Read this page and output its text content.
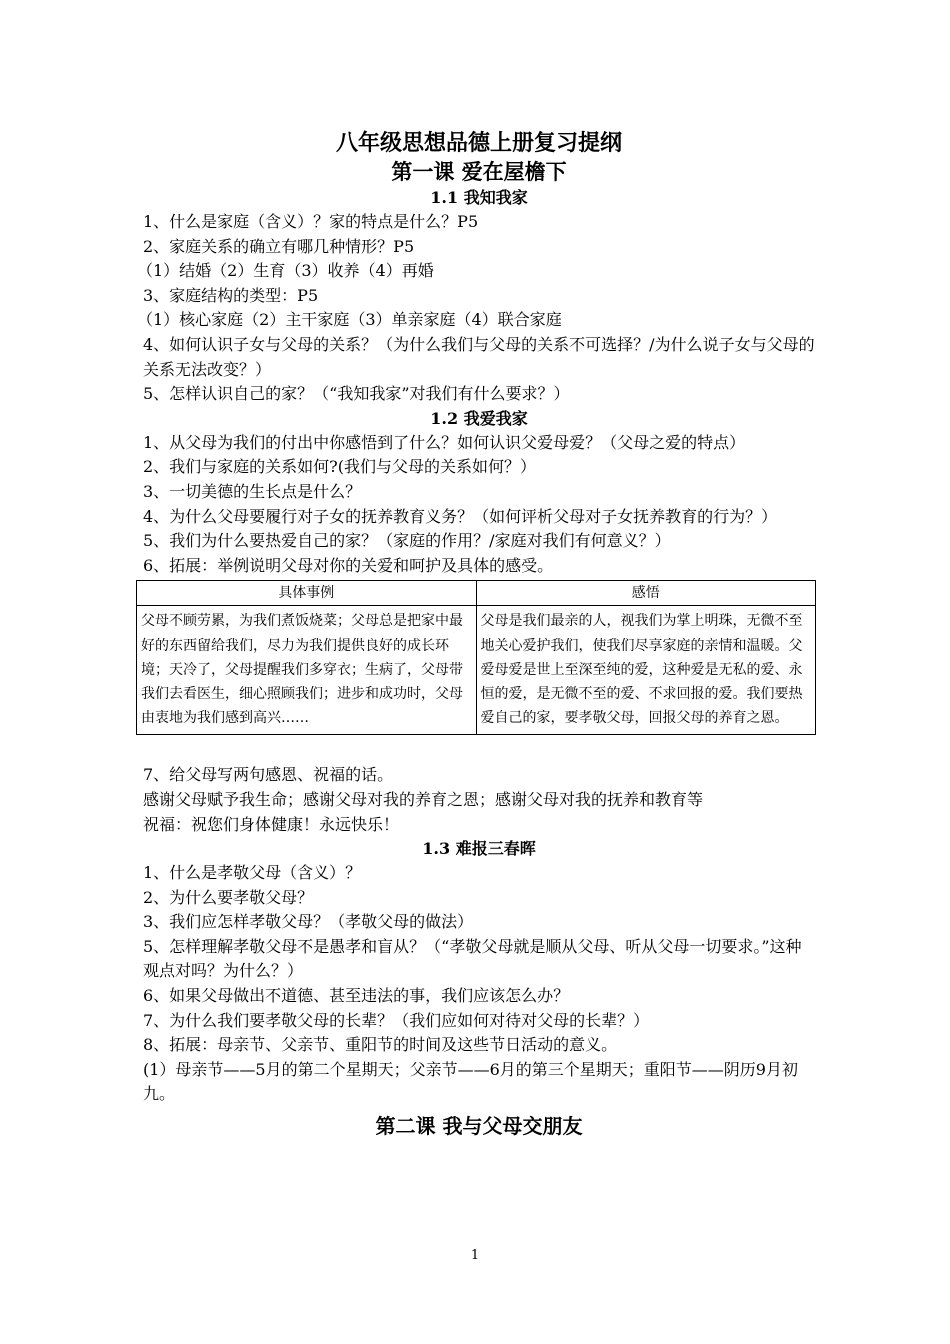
八年级思想品德上册复习提纲
第一课 爱在屋檐下
1.1 我知我家
1、什么是家庭（含义）？家的特点是什么？P5
2、家庭关系的确立有哪几种情形？P5
（1）结婚（2）生育（3）收养（4）再婚
3、家庭结构的类型：P5
（1）核心家庭（2）主干家庭（3）单亲家庭（4）联合家庭
4、如何认识子女与父母的关系？（为什么我们与父母的关系不可选择？/为什么说子女与父母的关系无法改变？）
5、怎样认识自己的家？（“我知我家”对我们有什么要求？）
1.2 我爱我家
1、从父母为我们的付出中你感悟到了什么？如何认识父爱母爱？（父母之爱的特点）
2、我们与家庭的关系如何?(我们与父母的关系如何？）
3、一切美德的生长点是什么？
4、为什么父母要履行对子女的抚养教育义务？（如何评析父母对子女抚养教育的行为？）
5、我们为什么要热爱自己的家？（家庭的作用？/家庭对我们有何意义？）
6、拓展：举例说明父母对你的关爱和呵护及具体的感受。
具体事例	感悟
父母不顾劳累，为我们煮饭烧菜；父母总是把家中最好的东西留给我们，尽力为我们提供良好的成长环境；天冷了，父母提醒我们多穿衣；生病了，父母带我们去看医生，细心照顾我们；进步和成功时，父母由衷地为我们感到高兴……	父母是我们最亲的人，视我们为掌上明珠，无微不至地关心爱护我们，使我们尽享家庭的亲情和温暖。父爱母爱是世上至深至纯的爱，这种爱是无私的爱、永恒的爱，是无微不至的爱、不求回报的爱。我们要热爱自己的家，要孝敬父母，回报父母的养育之恩。
7、给父母写两句感恩、祝福的话。
感谢父母赋予我生命；感谢父母对我的养育之恩；感谢父母对我的抚养和教育等
祝福：祝您们身体健康！永远快乐！
1.3 难报三春晖
1、什么是孝敬父母（含义）？
2、为什么要孝敬父母？
3、我们应怎样孝敬父母？（孝敬父母的做法）
5、怎样理解孝敬父母不是愚孝和盲从？（“孝敬父母就是顺从父母、听从父母一切要求。”这种观点对吗？为什么？）
6、如果父母做出不道德、甚至违法的事，我们应该怎么办？
7、为什么我们要孝敬父母的长辈？（我们应如何对待对父母的长辈？）
8、拓展：母亲节、父亲节、重阳节的时间及这些节日活动的意义。
(1）母亲节——5月的第二个星期天；父亲节——6月的第三个星期天；重阳节——阴历9月初九。
第二课 我与父母交朋友
1
